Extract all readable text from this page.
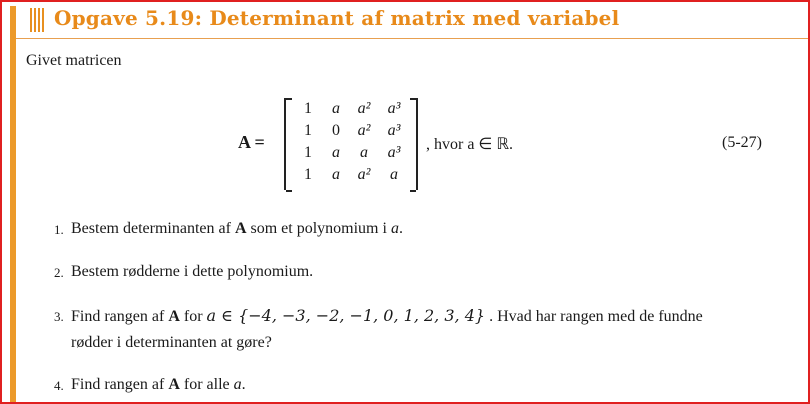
Opgave 5.19: Determinant af matrix med variabel
Givet matricen
A =
1	a	a²	a³
1	0	a²	a³
1	a	a	a³
1	a	a²	a
, hvor a ∈ ℝ.	(5-27)
1. Bestem determinanten af A som et polynomium i a.
2. Bestem rødderne i dette polynomium.
3. Find rangen af A for a ∈ {−4, −3, −2, −1, 0, 1, 2, 3, 4} . Hvad har rangen med de fundne
rødder i determinanten at gøre?
4. Find rangen af A for alle a.
